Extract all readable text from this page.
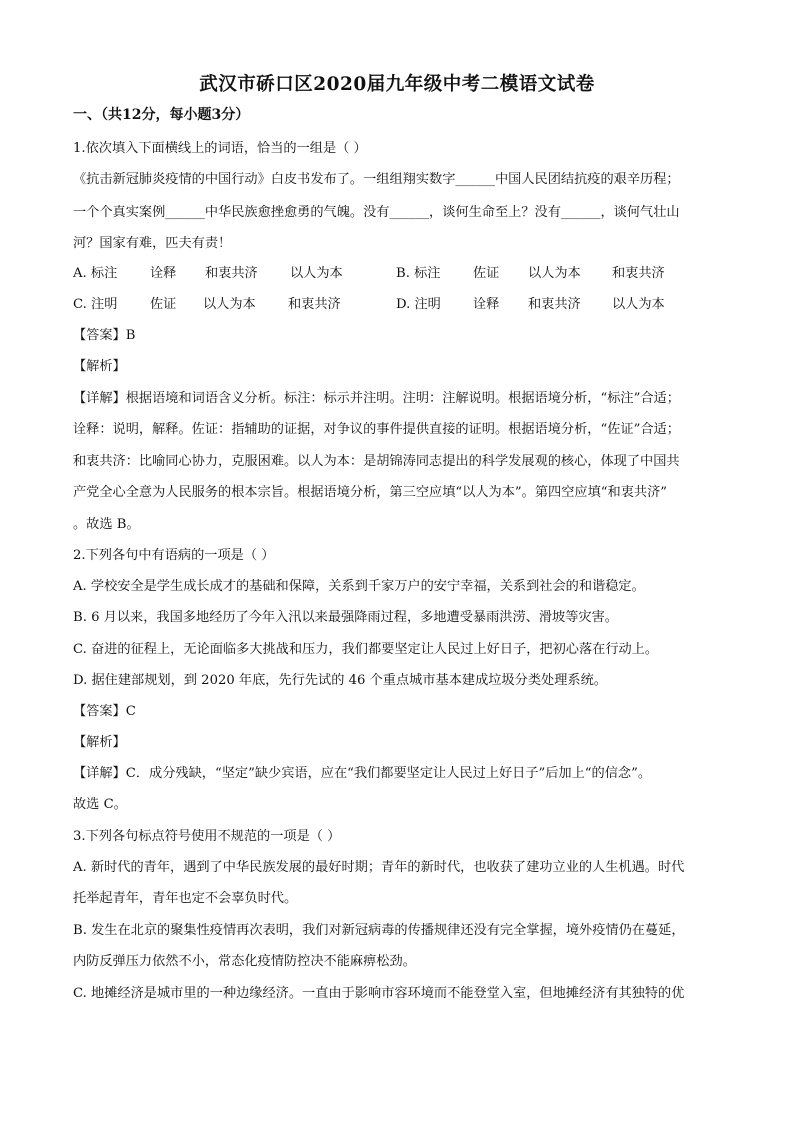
武汉市硚口区2020届九年级中考二模语文试卷
一、（共12分，每小题3分）
1.依次填入下面横线上的词语，恰当的一组是（ ）
《抗击新冠肺炎疫情的中国行动》白皮书发布了。一组组翔实数字______中国人民团结抗疫的艰辛历程；
一个个真实案例______中华民族愈挫愈勇的气魄。没有______，谈何生命至上？没有______，谈何气壮山
河？国家有难，匹夫有责！
A. 标注 诠释 和衷共济 以人为本	B. 标注 佐证 以人为本 和衷共济
C. 注明 佐证 以人为本 和衷共济	D. 注明 诠释 和衷共济 以人为本
【答案】B
【解析】
【详解】根据语境和词语含义分析。标注：标示并注明。注明：注解说明。根据语境分析，“标注”合适；
诠释：说明，解释。佐证：指辅助的证据，对争议的事件提供直接的证明。根据语境分析，“佐证”合适；
和衷共济：比喻同心协力，克服困难。以人为本：是胡锦涛同志提出的科学发展观的核心，体现了中国共
产党全心全意为人民服务的根本宗旨。根据语境分析，第三空应填“以人为本”。第四空应填“和衷共济”
。故选 B。
2.下列各句中有语病的一项是（ ）
A. 学校安全是学生成长成才的基础和保障，关系到千家万户的安宁幸福，关系到社会的和谐稳定。
B. 6 月以来，我国多地经历了今年入汛以来最强降雨过程，多地遭受暴雨洪涝、滑坡等灾害。
C. 奋进的征程上，无论面临多大挑战和压力，我们都要坚定让人民过上好日子，把初心落在行动上。
D. 据住建部规划，到 2020 年底，先行先试的 46 个重点城市基本建成垃圾分类处理系统。
【答案】C
【解析】
【详解】C．成分残缺，“坚定”缺少宾语，应在“我们都要坚定让人民过上好日子”后加上“的信念”。
故选 C。
3.下列各句标点符号使用不规范的一项是（ ）
A. 新时代的青年，遇到了中华民族发展的最好时期；青年的新时代，也收获了建功立业的人生机遇。时代
托举起青年，青年也定不会辜负时代。
B. 发生在北京的聚集性疫情再次表明，我们对新冠病毒的传播规律还没有完全掌握，境外疫情仍在蔓延，
内防反弹压力依然不小，常态化疫情防控决不能麻痹松劲。
C. 地摊经济是城市里的一种边缘经济。一直由于影响市容环境而不能登堂入室，但地摊经济有其独特的优
